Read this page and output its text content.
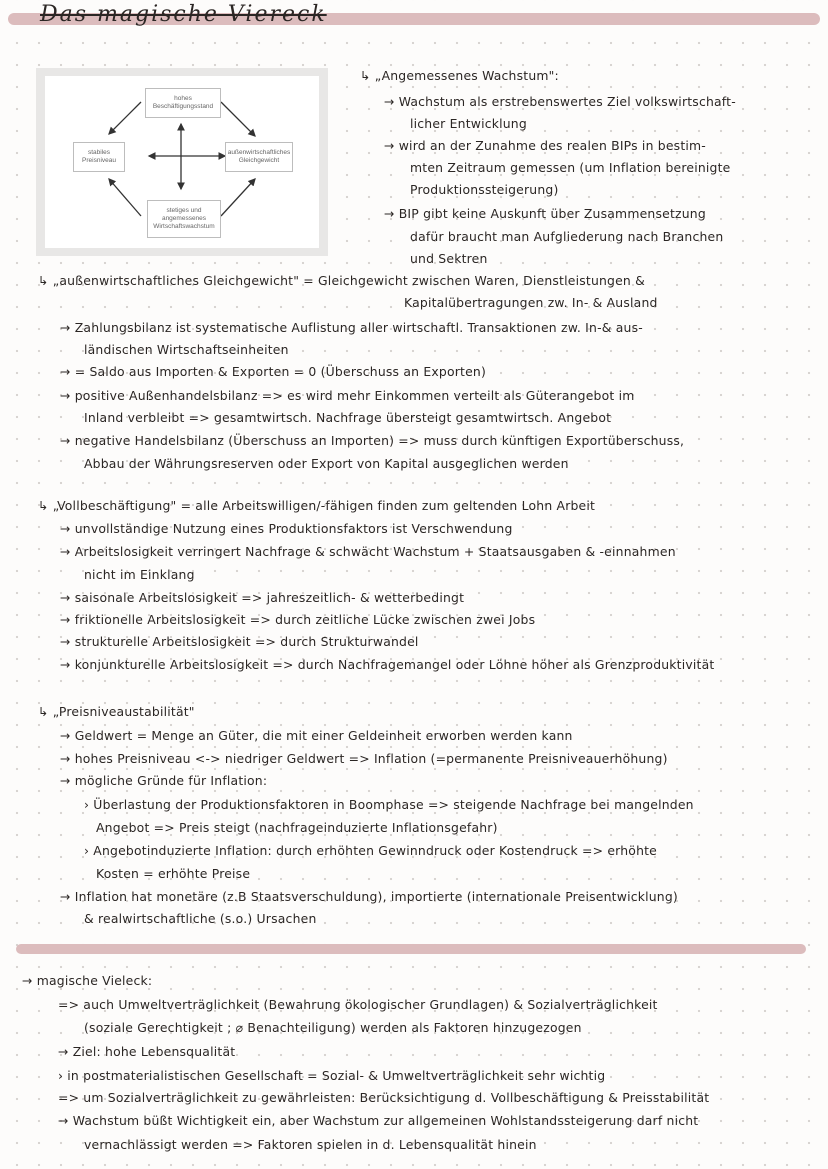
Das magische Viereck
hohes
Beschäftigungsstand
stabiles
Preisniveau
außenwirtschaftliches
Gleichgewicht
stetiges und
angemessenes
Wirtschaftswachstum
↳ „Angemessenes Wachstum":
→ Wachstum als erstrebenswertes Ziel volkswirtschaft-
licher Entwicklung
→ wird an der Zunahme des realen BIPs in bestim-
mten Zeitraum gemessen (um Inflation bereinigte
Produktionssteigerung)
→ BIP gibt keine Auskunft über Zusammensetzung
dafür braucht man Aufgliederung nach Branchen
und Sektren
↳ „außenwirtschaftliches Gleichgewicht" = Gleichgewicht zwischen Waren, Dienstleistungen &
Kapitalübertragungen zw. In- & Ausland
→ Zahlungsbilanz ist systematische Auflistung aller wirtschaftl. Transaktionen zw. In-& aus-
ländischen Wirtschaftseinheiten
→ = Saldo aus Importen & Exporten = 0 (Überschuss an Exporten)
→ positive Außenhandelsbilanz => es wird mehr Einkommen verteilt als Güterangebot im
Inland verbleibt => gesamtwirtsch. Nachfrage übersteigt gesamtwirtsch. Angebot
→ negative Handelsbilanz (Überschuss an Importen) => muss durch künftigen Exportüberschuss,
Abbau der Währungsreserven oder Export von Kapital ausgeglichen werden
↳ „Vollbeschäftigung" = alle Arbeitswilligen/-fähigen finden zum geltenden Lohn Arbeit
→ unvollständige Nutzung eines Produktionsfaktors ist Verschwendung
→ Arbeitslosigkeit verringert Nachfrage & schwächt Wachstum + Staatsausgaben & -einnahmen
nicht im Einklang
→ saisonale Arbeitslosigkeit => jahreszeitlich- & wetterbedingt
→ friktionelle Arbeitslosigkeit => durch zeitliche Lücke zwischen zwei Jobs
→ strukturelle Arbeitslosigkeit => durch Strukturwandel
→ konjunkturelle Arbeitslosigkeit => durch Nachfragemangel oder Löhne höher als Grenzproduktivität
↳ „Preisniveaustabilität"
→ Geldwert = Menge an Güter, die mit einer Geldeinheit erworben werden kann
→ hohes Preisniveau <-> niedriger Geldwert => Inflation (=permanente Preisniveauerhöhung)
→ mögliche Gründe für Inflation:
› Überlastung der Produktionsfaktoren in Boomphase => steigende Nachfrage bei mangelnden
Angebot => Preis steigt (nachfrageinduzierte Inflationsgefahr)
› Angebotinduzierte Inflation: durch erhöhten Gewinndruck oder Kostendruck => erhöhte
Kosten = erhöhte Preise
→ Inflation hat monetäre (z.B Staatsverschuldung), importierte (internationale Preisentwicklung)
& realwirtschaftliche (s.o.) Ursachen
→ magische Vieleck:
=> auch Umweltverträglichkeit (Bewahrung ökologischer Grundlagen) & Sozialverträglichkeit
(soziale Gerechtigkeit ; ⌀ Benachteiligung) werden als Faktoren hinzugezogen
→ Ziel: hohe Lebensqualität
› in postmaterialistischen Gesellschaft = Sozial- & Umweltverträglichkeit sehr wichtig
=> um Sozialverträglichkeit zu gewährleisten: Berücksichtigung d. Vollbeschäftigung & Preisstabilität
→ Wachstum büßt Wichtigkeit ein, aber Wachstum zur allgemeinen Wohlstandssteigerung darf nicht
vernachlässigt werden => Faktoren spielen in d. Lebensqualität hinein
